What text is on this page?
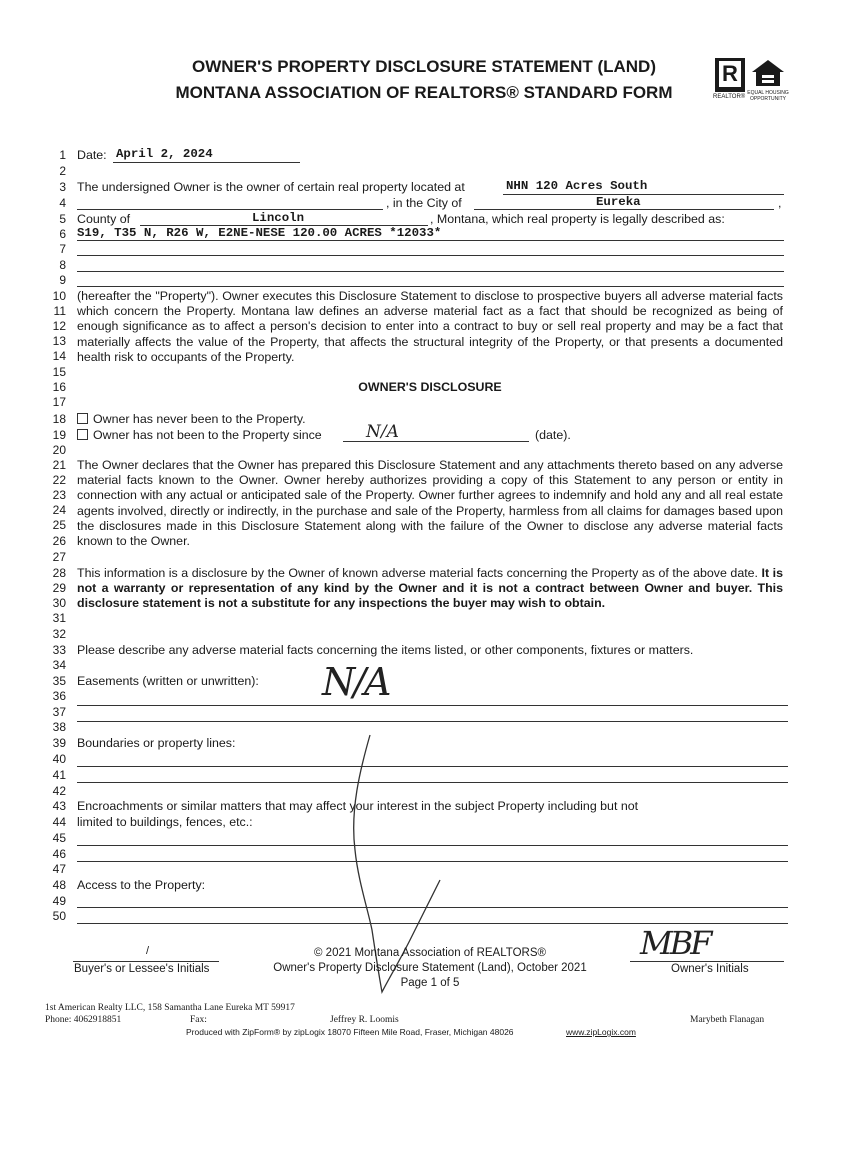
OWNER'S PROPERTY DISCLOSURE STATEMENT (LAND)
MONTANA ASSOCIATION OF REALTORS® STANDARD FORM
R
REALTOR®
EQUAL HOUSING OPPORTUNITY
1
2
3
4
5
6
7
8
9
10
11
12
13
14
15
16
17
18
19
20
21
22
23
24
25
26
27
28
29
30
31
32
33
34
35
36
37
38
39
40
41
42
43
44
45
46
47
48
49
50
Date: April 2, 2024
The undersigned Owner is the owner of certain real property located at	NHN 120 Acres South
, in the City of	Eureka	,
County of	Lincoln	, Montana, which real property is legally described as:
S19, T35 N, R26 W, E2NE-NESE 120.00 ACRES *12033*
(hereafter the "Property"). Owner executes this Disclosure Statement to disclose to prospective buyers all adverse material facts which concern the Property. Montana law defines an adverse material fact as a fact that should be recognized as being of enough significance as to affect a person's decision to enter into a contract to buy or sell real property and may be a fact that materially affects the value of the Property, that affects the structural integrity of the Property, or that presents a documented health risk to occupants of the Property.
OWNER'S DISCLOSURE
Owner has never been to the Property.
Owner has not been to the Property since	N/A	(date).
The Owner declares that the Owner has prepared this Disclosure Statement and any attachments thereto based on any adverse material facts known to the Owner. Owner hereby authorizes providing a copy of this Statement to any person or entity in connection with any actual or anticipated sale of the Property. Owner further agrees to indemnify and hold any and all real estate agents involved, directly or indirectly, in the purchase and sale of the Property, harmless from all claims for damages based upon the disclosures made in this Disclosure Statement along with the failure of the Owner to disclose any adverse material facts known to the Owner.
This information is a disclosure by the Owner of known adverse material facts concerning the Property as of the above date. It is not a warranty or representation of any kind by the Owner and it is not a contract between Owner and buyer. This disclosure statement is not a substitute for any inspections the buyer may wish to obtain.
Please describe any adverse material facts concerning the items listed, or other components, fixtures or matters.
Easements (written or unwritten): N/A
Boundaries or property lines:
Encroachments or similar matters that may affect your interest in the subject Property including but not
limited to buildings, fences, etc.:
Access to the Property:
/
Buyer's or Lessee's Initials
© 2021 Montana Association of REALTORS®
Owner's Property Disclosure Statement (Land), October 2021
Page 1 of 5
MBF
Owner's Initials
1st American Realty LLC, 158 Samantha Lane Eureka MT 59917
Phone: 4062918851	Fax:	Jeffrey R. Loomis	Marybeth Flanagan
Produced with ZipForm® by zipLogix 18070 Fifteen Mile Road, Fraser, Michigan 48026	www.zipLogix.com
